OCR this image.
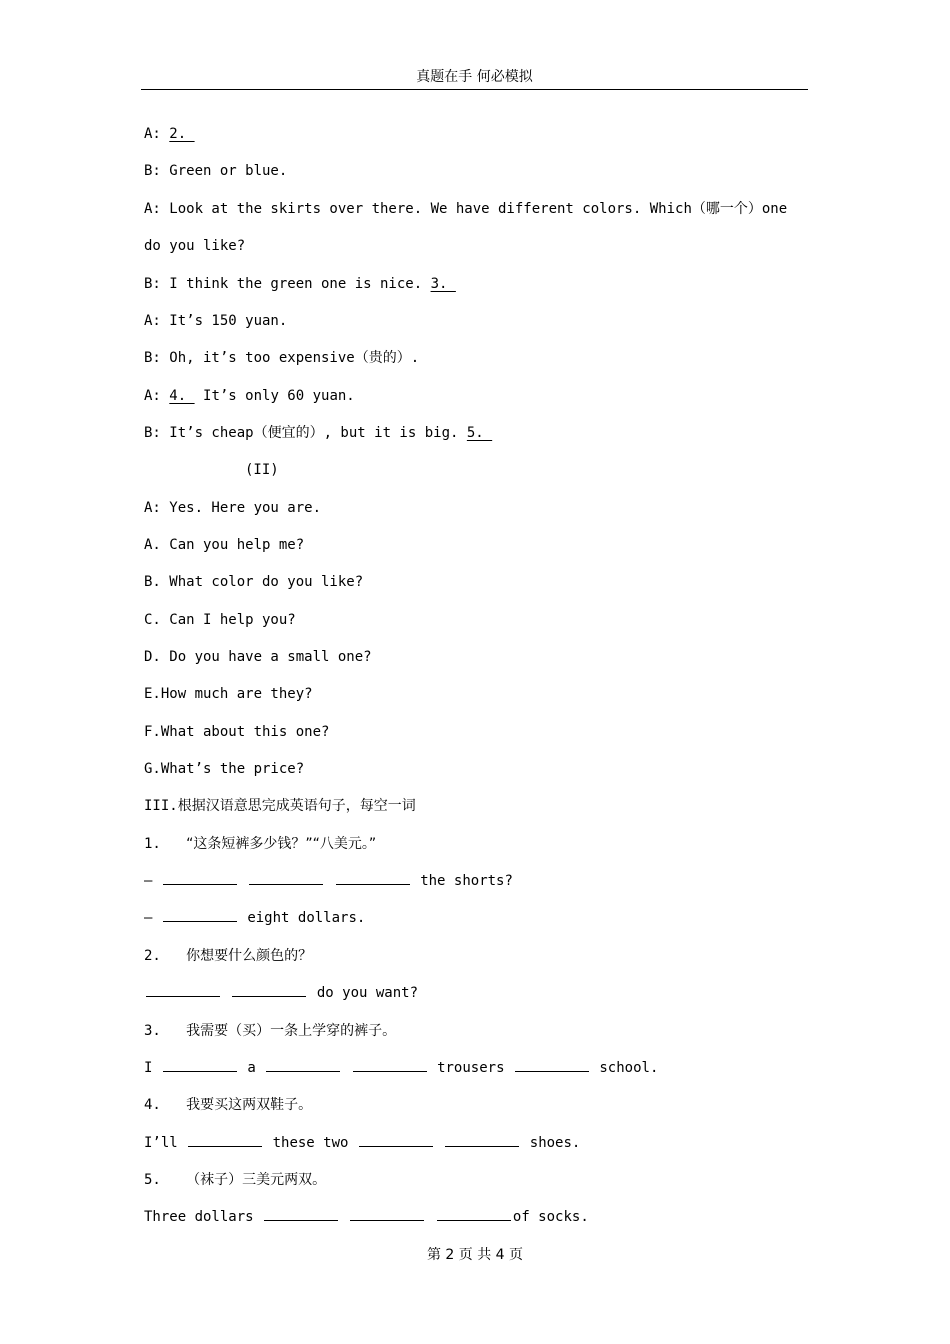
真题在手 何必模拟
A: 2.
B: Green or blue.
A: Look at the skirts over there. We have different colors. Which（哪一个）one
do you like?
B: I think the green one is nice. 3.
A: It’s 150 yuan.
B: Oh, it’s too expensive（贵的）.
A: 4.  It’s only 60 yuan.
B: It’s cheap（便宜的）, but it is big. 5.
(II)
A: Yes. Here you are.
A. Can you help me?
B. What color do you like?
C. Can I help you?
D. Do you have a small one?
E.How much are they?
F.What about this one?
G.What’s the price?
III.根据汉语意思完成英语句子，每空一词
1. “这条短裤多少钱？”“八美元。”
—	the shorts?
—	eight dollars.
2. 你想要什么颜色的？
do you want?
3. 我需要（买）一条上学穿的裤子。
I	a	trousers	school.
4. 我要买这两双鞋子。
I’ll	these two	shoes.
5. （袜子）三美元两双。
Three dollars	of socks.
第 2 页 共 4 页
